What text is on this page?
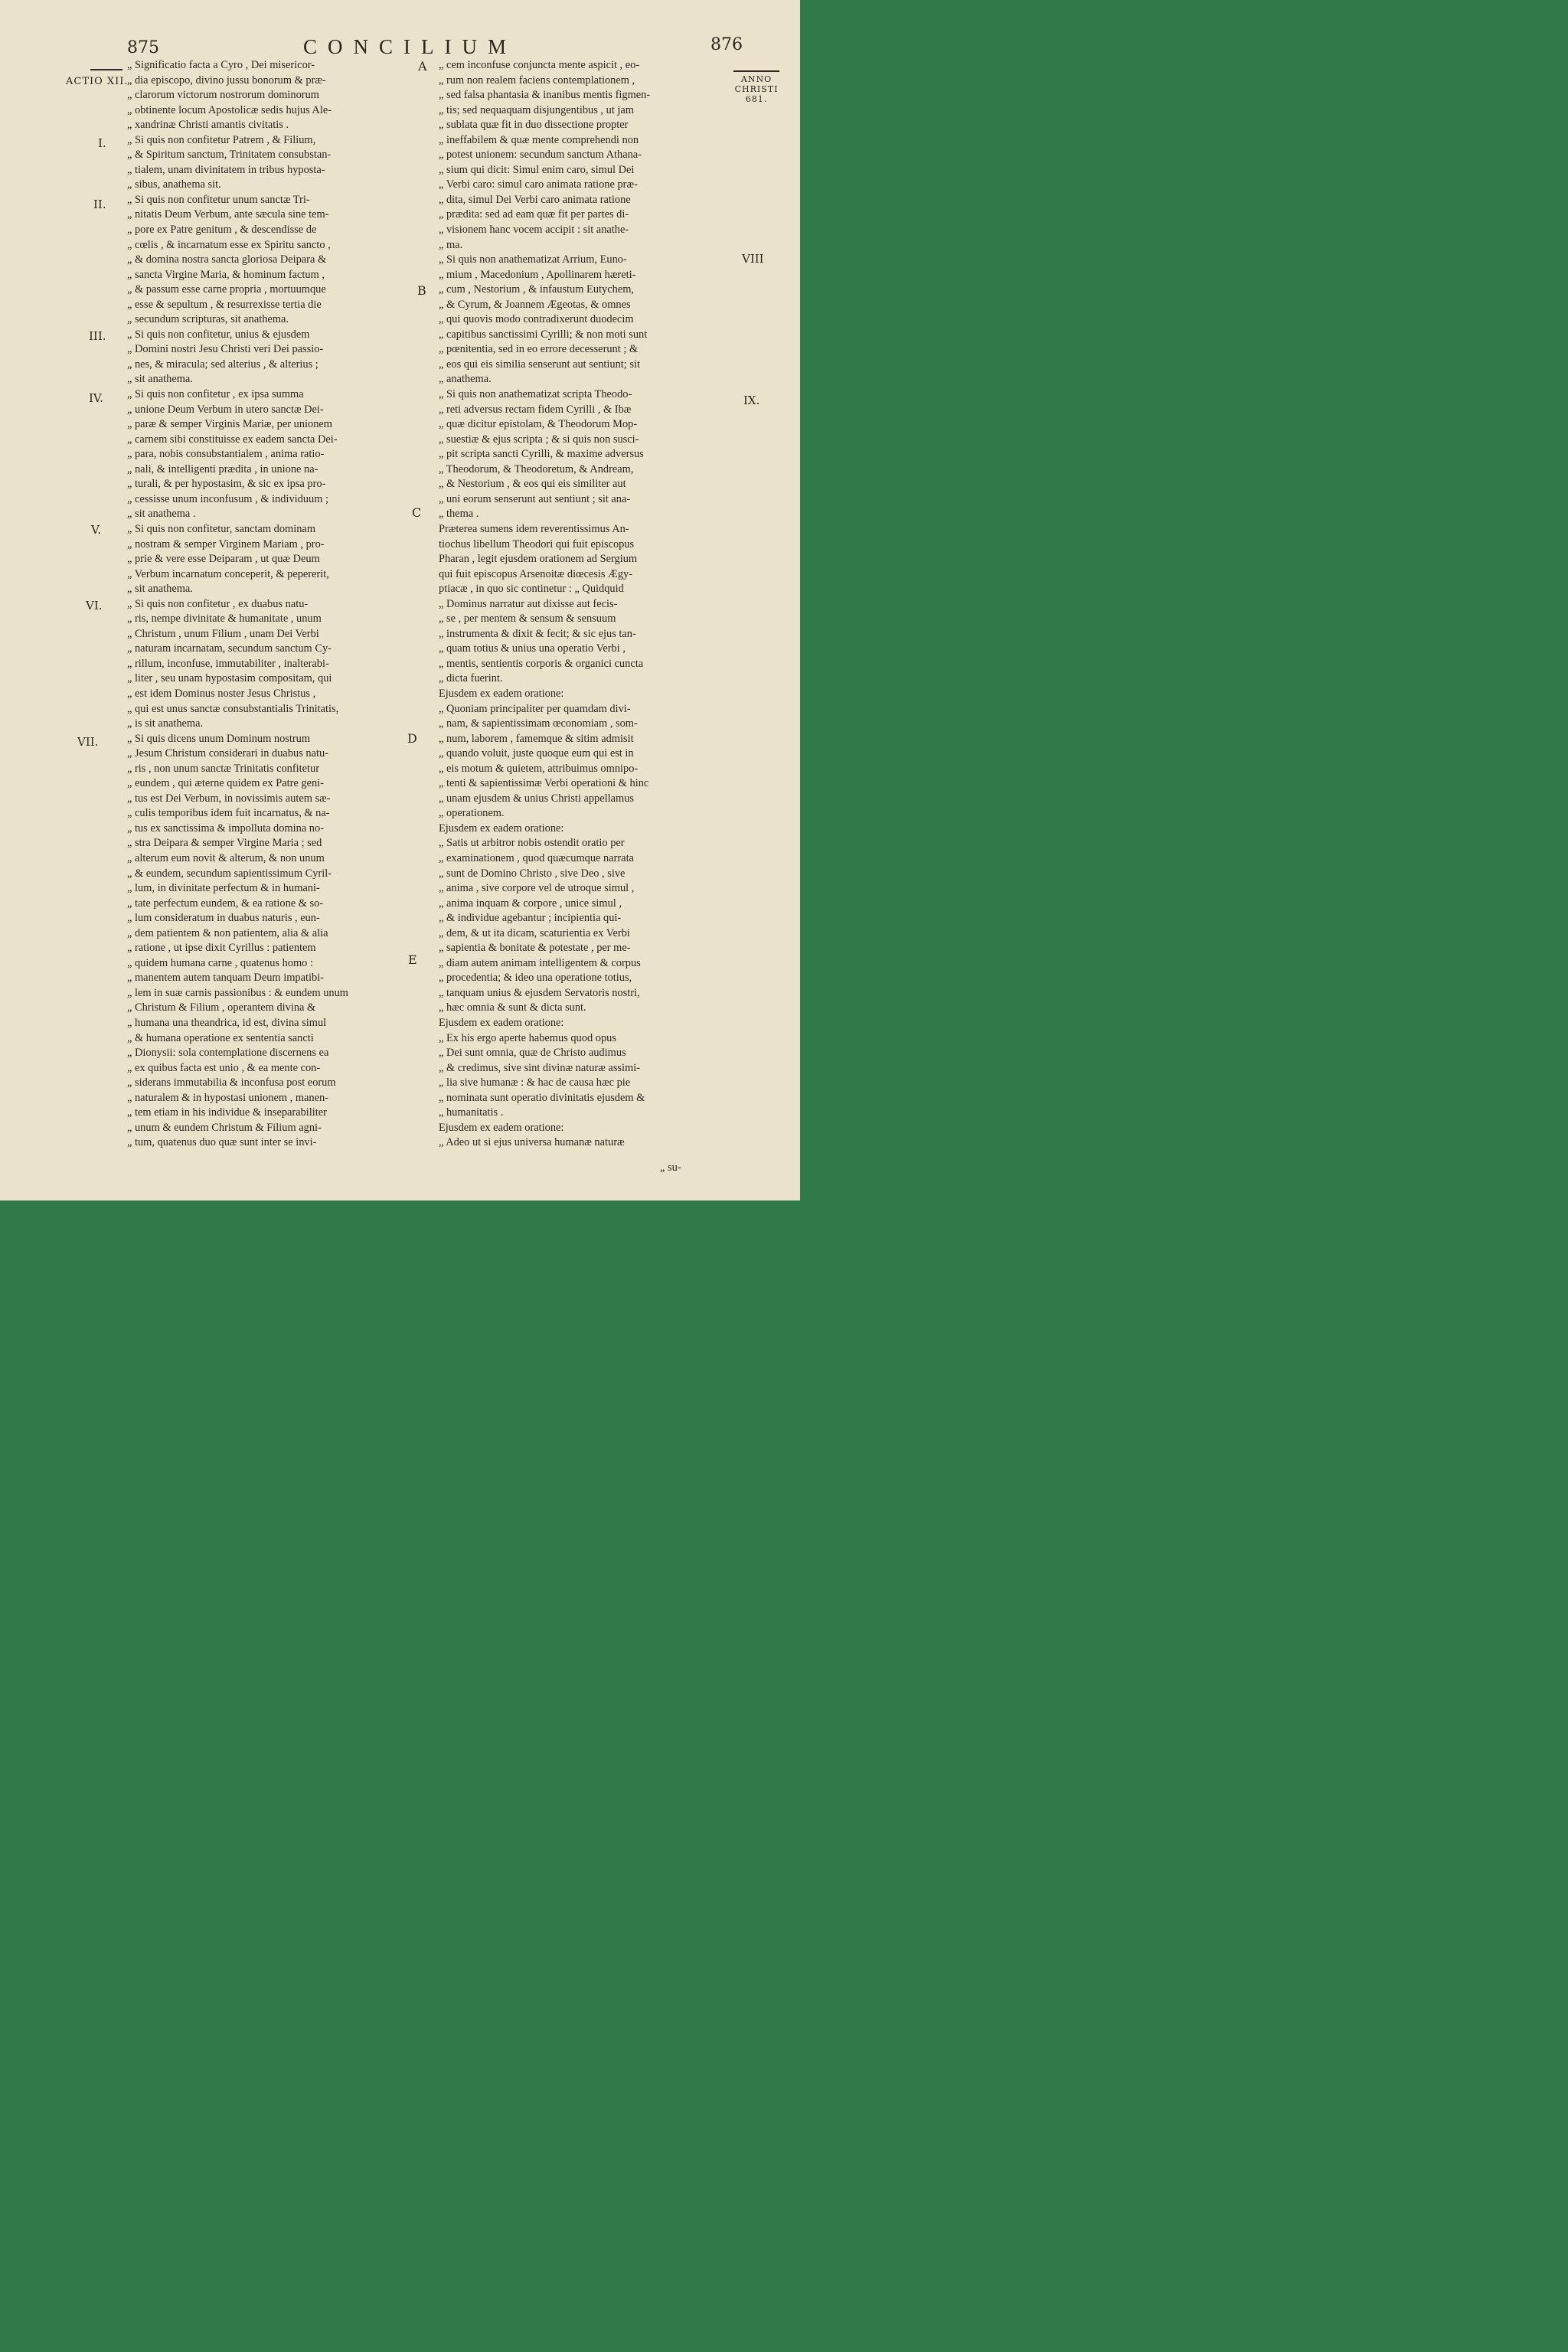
875	CONCILIUM	876
ACTIO XII.	ANNO
CHRISTI
681.
I.
II.
III.
IV.
V.
VI.
VII.
VIII
IX.
A
B
C
D
E
„ Significatio facta a Cyro , Dei misericor-
„ dia episcopo, divino jussu bonorum & præ-
„ clarorum victorum nostrorum dominorum
„ obtinente locum Apostolicæ sedis hujus Ale-
„ xandrinæ Christi amantis civitatis .
„ Si quis non confitetur Patrem , & Filium,
„ & Spiritum sanctum, Trinitatem consubstan-
„ tialem, unam divinitatem in tribus hyposta-
„ sibus, anathema sit.
„ Si quis non confitetur unum sanctæ Tri-
„ nitatis Deum Verbum, ante sæcula sine tem-
„ pore ex Patre genitum , & descendisse de
„ cœlis , & incarnatum esse ex Spiritu sancto ,
„ & domina nostra sancta gloriosa Deipara &
„ sancta Virgine Maria, & hominum factum ,
„ & passum esse carne propria , mortuumque
„ esse & sepultum , & resurrexisse tertia die
„ secundum scripturas, sit anathema.
„ Si quis non confitetur, unius & ejusdem
„ Domini nostri Jesu Christi veri Dei passio-
„ nes, & miracula; sed alterius , & alterius ;
„ sit anathema.
„ Si quis non confitetur , ex ipsa summa
„ unione Deum Verbum in utero sanctæ Dei-
„ paræ & semper Virginis Mariæ, per unionem
„ carnem sibi constituisse ex eadem sancta Dei-
„ para, nobis consubstantialem , anima ratio-
„ nali, & intelligenti prædita , in unione na-
„ turali, & per hypostasim, & sic ex ipsa pro-
„ cessisse unum inconfusum , & individuum ;
„ sit anathema .
„ Si quis non confitetur, sanctam dominam
„ nostram & semper Virginem Mariam , pro-
„ prie & vere esse Deiparam , ut quæ Deum
„ Verbum incarnatum conceperit, & pepererit,
„ sit anathema.
„ Si quis non confitetur , ex duabus natu-
„ ris, nempe divinitate & humanitate , unum
„ Christum , unum Filium , unam Dei Verbi
„ naturam incarnatam, secundum sanctum Cy-
„ rillum, inconfuse, immutabiliter , inalterabi-
„ liter , seu unam hypostasim compositam, qui
„ est idem Dominus noster Jesus Christus ,
„ qui est unus sanctæ consubstantialis Trinitatis,
„ is sit anathema.
„ Si quis dicens unum Dominum nostrum
„ Jesum Christum considerari in duabus natu-
„ ris , non unum sanctæ Trinitatis confitetur
„ eundem , qui æterne quidem ex Patre geni-
„ tus est Dei Verbum, in novissimis autem sæ-
„ culis temporibus idem fuit incarnatus, & na-
„ tus ex sanctissima & impolluta domina no-
„ stra Deipara & semper Virgine Maria ; sed
„ alterum eum novit & alterum, & non unum
„ & eundem, secundum sapientissimum Cyril-
„ lum, in divinitate perfectum & in humani-
„ tate perfectum eundem, & ea ratione & so-
„ lum consideratum in duabus naturis , eun-
„ dem patientem & non patientem, alia & alia
„ ratione , ut ipse dixit Cyrillus : patientem
„ quidem humana carne , quatenus homo :
„ manentem autem tanquam Deum impatibi-
„ lem in suæ carnis passionibus : & eundem unum
„ Christum & Filium , operantem divina &
„ humana una theandrica, id est, divina simul
„ & humana operatione ex sententia sancti
„ Dionysii: sola contemplatione discernens ea
„ ex quibus facta est unio , & ea mente con-
„ siderans immutabilia & inconfusa post eorum
„ naturalem & in hypostasi unionem , manen-
„ tem etiam in his individue & inseparabiliter
„ unum & eundem Christum & Filium agni-
„ tum, quatenus duo quæ sunt inter se invi-
„ cem inconfuse conjuncta mente aspicit , eo-
„ rum non realem faciens contemplationem ,
„ sed falsa phantasia & inanibus mentis figmen-
„ tis; sed nequaquam disjungentibus , ut jam
„ sublata quæ fit in duo dissectione propter
„ ineffabilem & quæ mente comprehendi non
„ potest unionem: secundum sanctum Athana-
„ sium qui dicit: Simul enim caro, simul Dei
„ Verbi caro: simul caro animata ratione præ-
„ dita, simul Dei Verbi caro animata ratione
„ prædita: sed ad eam quæ fit per partes di-
„ visionem hanc vocem accipit : sit anathe-
„ ma.
„ Si quis non anathematizat Arrium, Euno-
„ mium , Macedonium , Apollinarem hæreti-
„ cum , Nestorium , & infaustum Eutychem,
„ & Cyrum, & Joannem Ægeotas, & omnes
„ qui quovis modo contradixerunt duodecim
„ capitibus sanctissimi Cyrilli; & non moti sunt
„ pœnitentia, sed in eo errore decesserunt ; &
„ eos qui eis similia senserunt aut sentiunt; sit
„ anathema.
„ Si quis non anathematizat scripta Theodo-
„ reti adversus rectam fidem Cyrilli , & Ibæ
„ quæ dicitur epistolam, & Theodorum Mop-
„ suestiæ & ejus scripta ; & si quis non susci-
„ pit scripta sancti Cyrilli, & maxime adversus
„ Theodorum, & Theodoretum, & Andream,
„ & Nestorium , & eos qui eis similiter aut
„ uni eorum senserunt aut sentiunt ; sit ana-
„ thema .
Præterea sumens idem reverentissimus An-
tiochus libellum Theodori qui fuit episcopus
Pharan , legit ejusdem orationem ad Sergium
qui fuit episcopus Arsenoitæ diœcesis Ægy-
ptiacæ , in quo sic continetur : „ Quidquid
„ Dominus narratur aut dixisse aut fecis-
„ se , per mentem & sensum & sensuum
„ instrumenta & dixit & fecit; & sic ejus tan-
„ quam totius & unius una operatio Verbi ,
„ mentis, sentientis corporis & organici cuncta
„ dicta fuerint.
Ejusdem ex eadem oratione:
„ Quoniam principaliter per quamdam divi-
„ nam, & sapientissimam œconomiam , som-
„ num, laborem , famemque & sitim admisit
„ quando voluit, juste quoque eum qui est in
„ eis motum & quietem, attribuimus omnipo-
„ tenti & sapientissimæ Verbi operationi & hinc
„ unam ejusdem & unius Christi appellamus
„ operationem.
Ejusdem ex eadem oratione:
„ Satis ut arbitror nobis ostendit oratio per
„ examinationem , quod quæcumque narrata
„ sunt de Domino Christo , sive Deo , sive
„ anima , sive corpore vel de utroque simul ,
„ anima inquam & corpore , unice simul ,
„ & individue agebantur ; incipientia qui-
„ dem, & ut ita dicam, scaturientia ex Verbi
„ sapientia & bonitate & potestate , per me-
„ diam autem animam intelligentem & corpus
„ procedentia; & ideo una operatione totius,
„ tanquam unius & ejusdem Servatoris nostri,
„ hæc omnia & sunt & dicta sunt.
Ejusdem ex eadem oratione:
„ Ex his ergo aperte habemus quod opus
„ Dei sunt omnia, quæ de Christo audimus
„ & credimus, sive sint divinæ naturæ assimi-
„ lia sive humanæ : & hac de causa hæc pie
„ nominata sunt operatio divinitatis ejusdem &
„ humanitatis .
Ejusdem ex eadem oratione:
„ Adeo ut si ejus universa humanæ naturæ
„ su-
